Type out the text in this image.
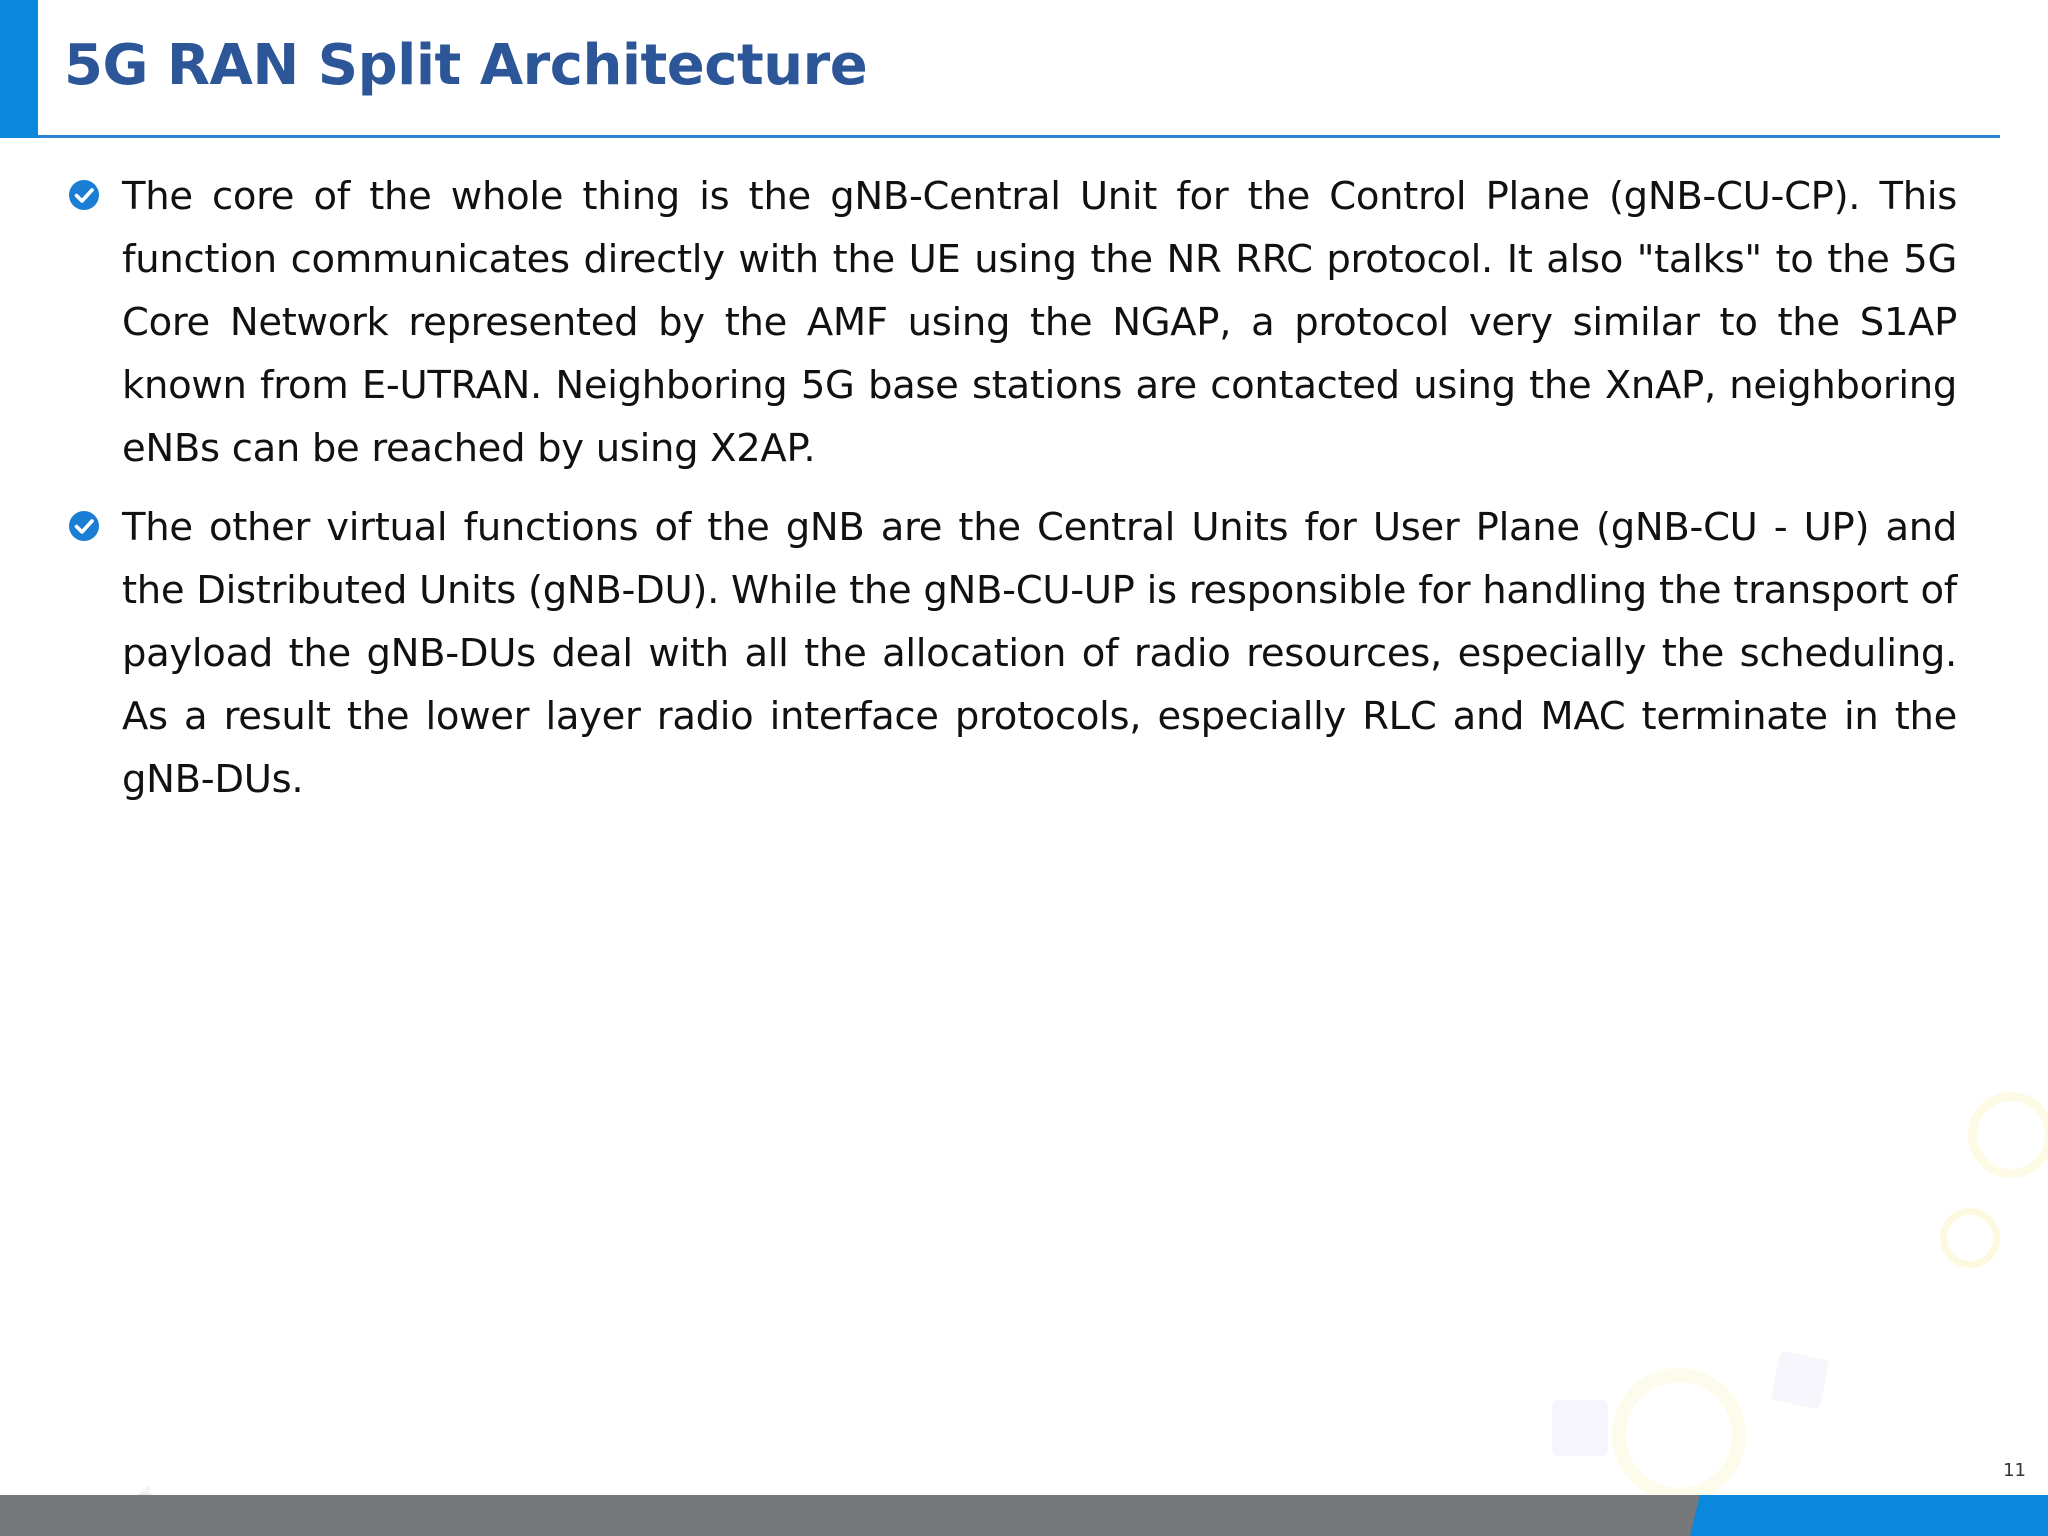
5G RAN Split Architecture

The core of the whole thing is the gNB-Central Unit for the Control Plane (gNB-CU-CP). This function communicates directly with the UE using the NR RRC protocol. It also "talks" to the 5G Core Network represented by the AMF using the NGAP, a protocol very similar to the S1AP known from E-UTRAN. Neighboring 5G base stations are contacted using the XnAP, neighboring eNBs can be reached by using X2AP.

The other virtual functions of the gNB are the Central Units for User Plane (gNB-CU - UP) and the Distributed Units (gNB-DU). While the gNB-CU-UP is responsible for handling the transport of payload the gNB-DUs deal with all the allocation of radio resources, especially the scheduling. As a result the lower layer radio interface protocols, especially RLC and MAC terminate in the gNB-DUs.

11
